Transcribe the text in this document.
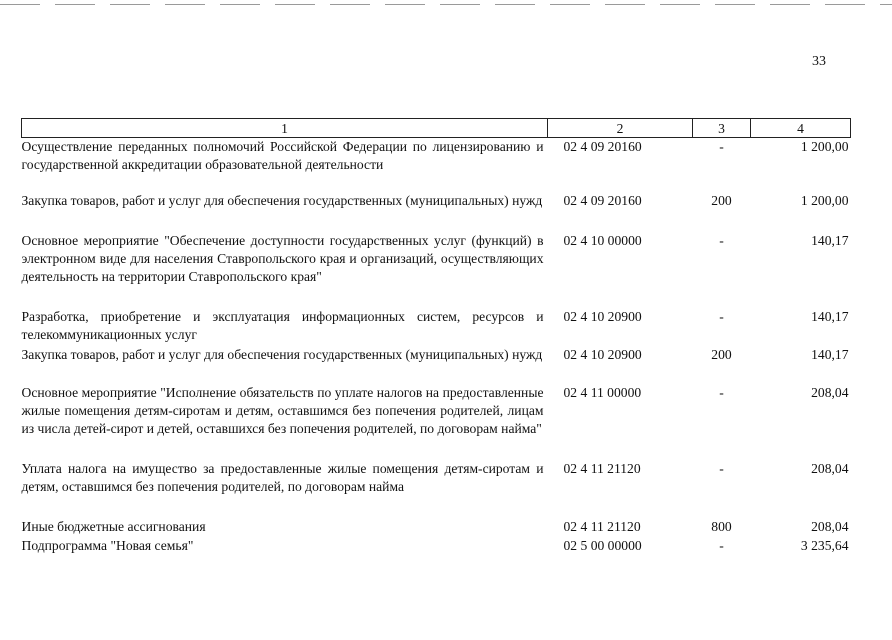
33
1	2	3	4
Осуществление переданных полномочий Российской Федерации по лицензированию и государственной аккредитации образовательной деятельности	02 4 09 20160	-	1 200,00
Закупка товаров, работ и услуг для обеспечения государственных (муниципальных) нужд	02 4 09 20160	200	1 200,00
Основное мероприятие "Обеспечение доступности государственных услуг (функций) в электронном виде для населения Ставропольского края и организаций, осуществляющих деятельность на территории Ставропольского края"	02 4 10 00000	-	140,17
Разработка, приобретение и эксплуатация информационных систем, ресурсов и телекоммуникационных услуг	02 4 10 20900	-	140,17
Закупка товаров, работ и услуг для обеспечения государственных (муниципальных) нужд	02 4 10 20900	200	140,17
Основное мероприятие "Исполнение обязательств по уплате налогов на предоставленные жилые помещения детям-сиротам и детям, оставшимся без попечения родителей, лицам из числа детей-сирот и детей, оставшихся без попечения родителей, по договорам найма"	02 4 11 00000	-	208,04
Уплата налога на имущество за предоставленные жилые помещения детям-сиротам и детям, оставшимся без попечения родителей, по договорам найма	02 4 11 21120	-	208,04

Иные бюджетные ассигнования	02 4 11 21120	800	208,04
Подпрограмма "Новая семья"	02 5 00 00000	-	3 235,64
